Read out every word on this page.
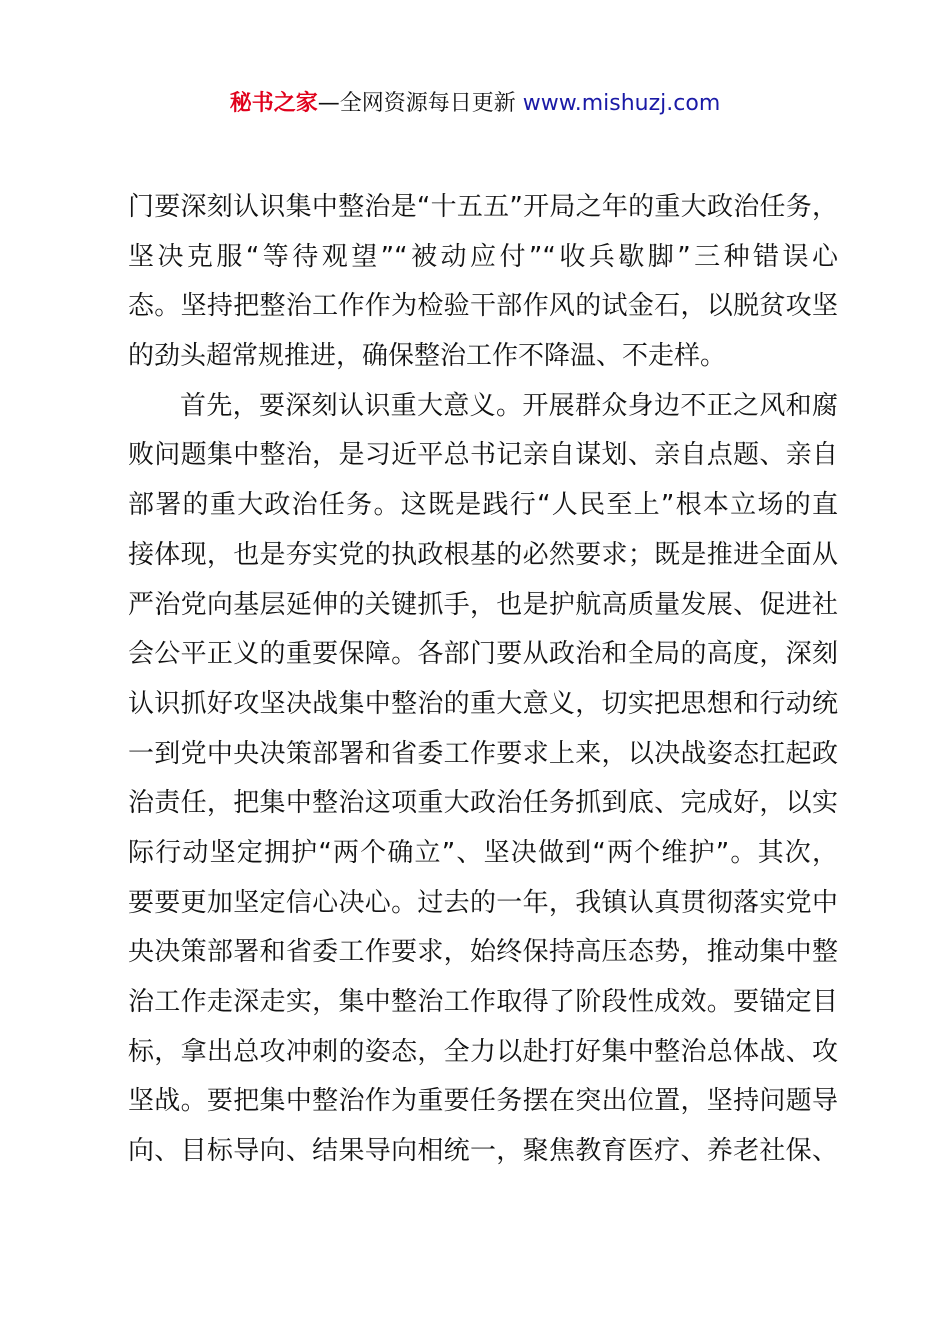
秘书之家—全网资源每日更新 www.mishuzj.com
门要深刻认识集中整治是“十五五”开局之年的重大政治任务，
坚决克服“等待观望”“被动应付”“收兵歇脚”三种错误心
态。坚持把整治工作作为检验干部作风的试金石，以脱贫攻坚
的劲头超常规推进，确保整治工作不降温、不走样。
首先，要深刻认识重大意义。开展群众身边不正之风和腐
败问题集中整治，是习近平总书记亲自谋划、亲自点题、亲自
部署的重大政治任务。这既是践行“人民至上”根本立场的直
接体现，也是夯实党的执政根基的必然要求；既是推进全面从
严治党向基层延伸的关键抓手，也是护航高质量发展、促进社
会公平正义的重要保障。各部门要从政治和全局的高度，深刻
认识抓好攻坚决战集中整治的重大意义，切实把思想和行动统
一到党中央决策部署和省委工作要求上来，以决战姿态扛起政
治责任，把集中整治这项重大政治任务抓到底、完成好，以实
际行动坚定拥护“两个确立”、坚决做到“两个维护”。其次，
要要更加坚定信心决心。过去的一年，我镇认真贯彻落实党中
央决策部署和省委工作要求，始终保持高压态势，推动集中整
治工作走深走实，集中整治工作取得了阶段性成效。要锚定目
标，拿出总攻冲刺的姿态，全力以赴打好集中整治总体战、攻
坚战。要把集中整治作为重要任务摆在突出位置，坚持问题导
向、目标导向、结果导向相统一，聚焦教育医疗、养老社保、
